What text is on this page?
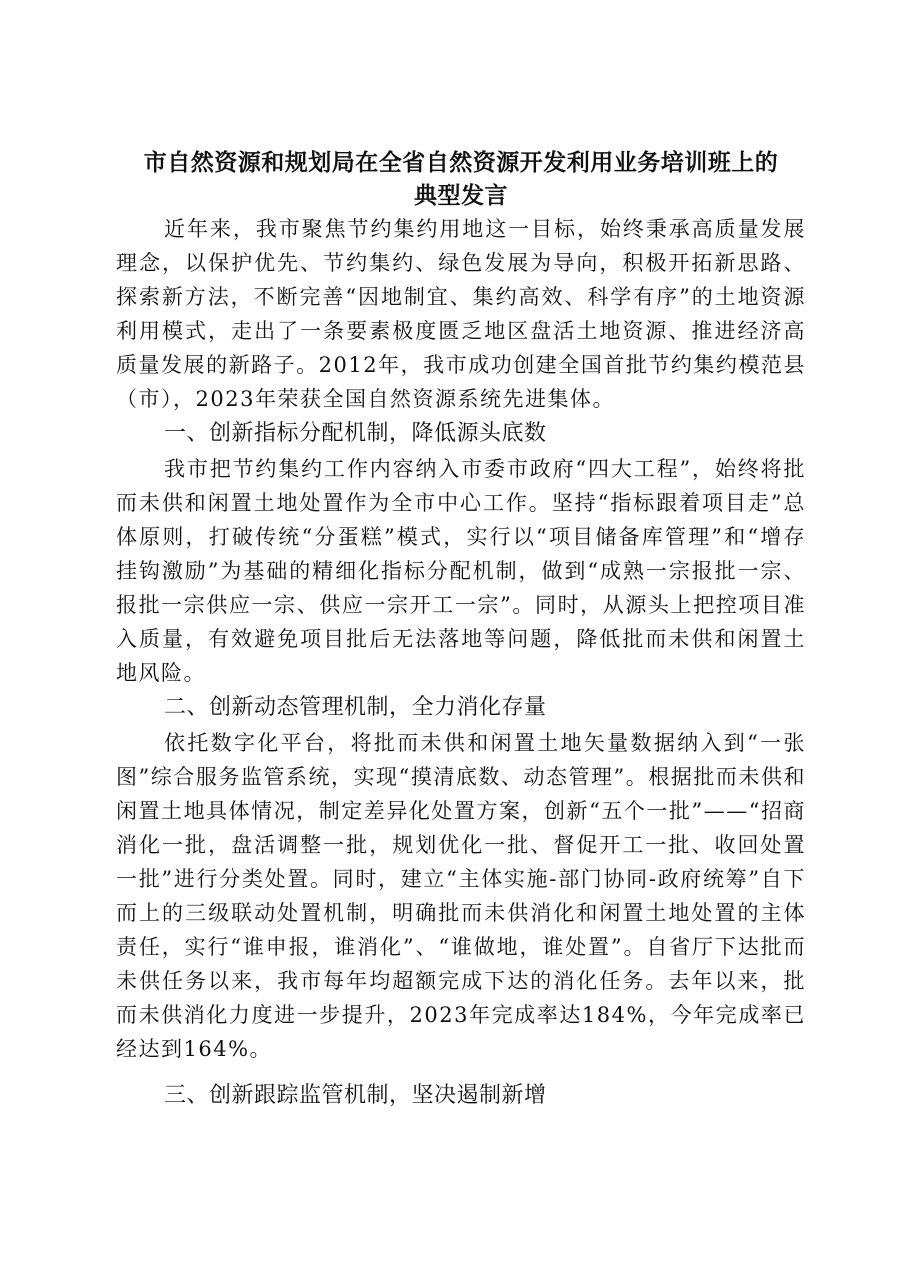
市自然资源和规划局在全省自然资源开发利用业务培训班上的
典型发言

近年来，我市聚焦节约集约用地这一目标，始终秉承高质量发展理念，以保护优先、节约集约、绿色发展为导向，积极开拓新思路、探索新方法，不断完善“因地制宜、集约高效、科学有序”的土地资源利用模式，走出了一条要素极度匮乏地区盘活土地资源、推进经济高质量发展的新路子。2012年，我市成功创建全国首批节约集约模范县（市），2023年荣获全国自然资源系统先进集体。

一、创新指标分配机制，降低源头底数

我市把节约集约工作内容纳入市委市政府“四大工程”，始终将批而未供和闲置土地处置作为全市中心工作。坚持“指标跟着项目走”总体原则，打破传统“分蛋糕”模式，实行以“项目储备库管理”和“增存挂钩激励”为基础的精细化指标分配机制，做到“成熟一宗报批一宗、报批一宗供应一宗、供应一宗开工一宗”。同时，从源头上把控项目准入质量，有效避免项目批后无法落地等问题，降低批而未供和闲置土地风险。

二、创新动态管理机制，全力消化存量

依托数字化平台，将批而未供和闲置土地矢量数据纳入到“一张图”综合服务监管系统，实现“摸清底数、动态管理”。根据批而未供和闲置土地具体情况，制定差异化处置方案，创新“五个一批”——“招商消化一批，盘活调整一批，规划优化一批、督促开工一批、收回处置一批”进行分类处置。同时，建立“主体实施-部门协同-政府统筹”自下而上的三级联动处置机制，明确批而未供消化和闲置土地处置的主体责任，实行“谁申报，谁消化”、“谁做地，谁处置”。自省厅下达批而未供任务以来，我市每年均超额完成下达的消化任务。去年以来，批而未供消化力度进一步提升，2023年完成率达184%，今年完成率已经达到164%。

三、创新跟踪监管机制，坚决遏制新增
